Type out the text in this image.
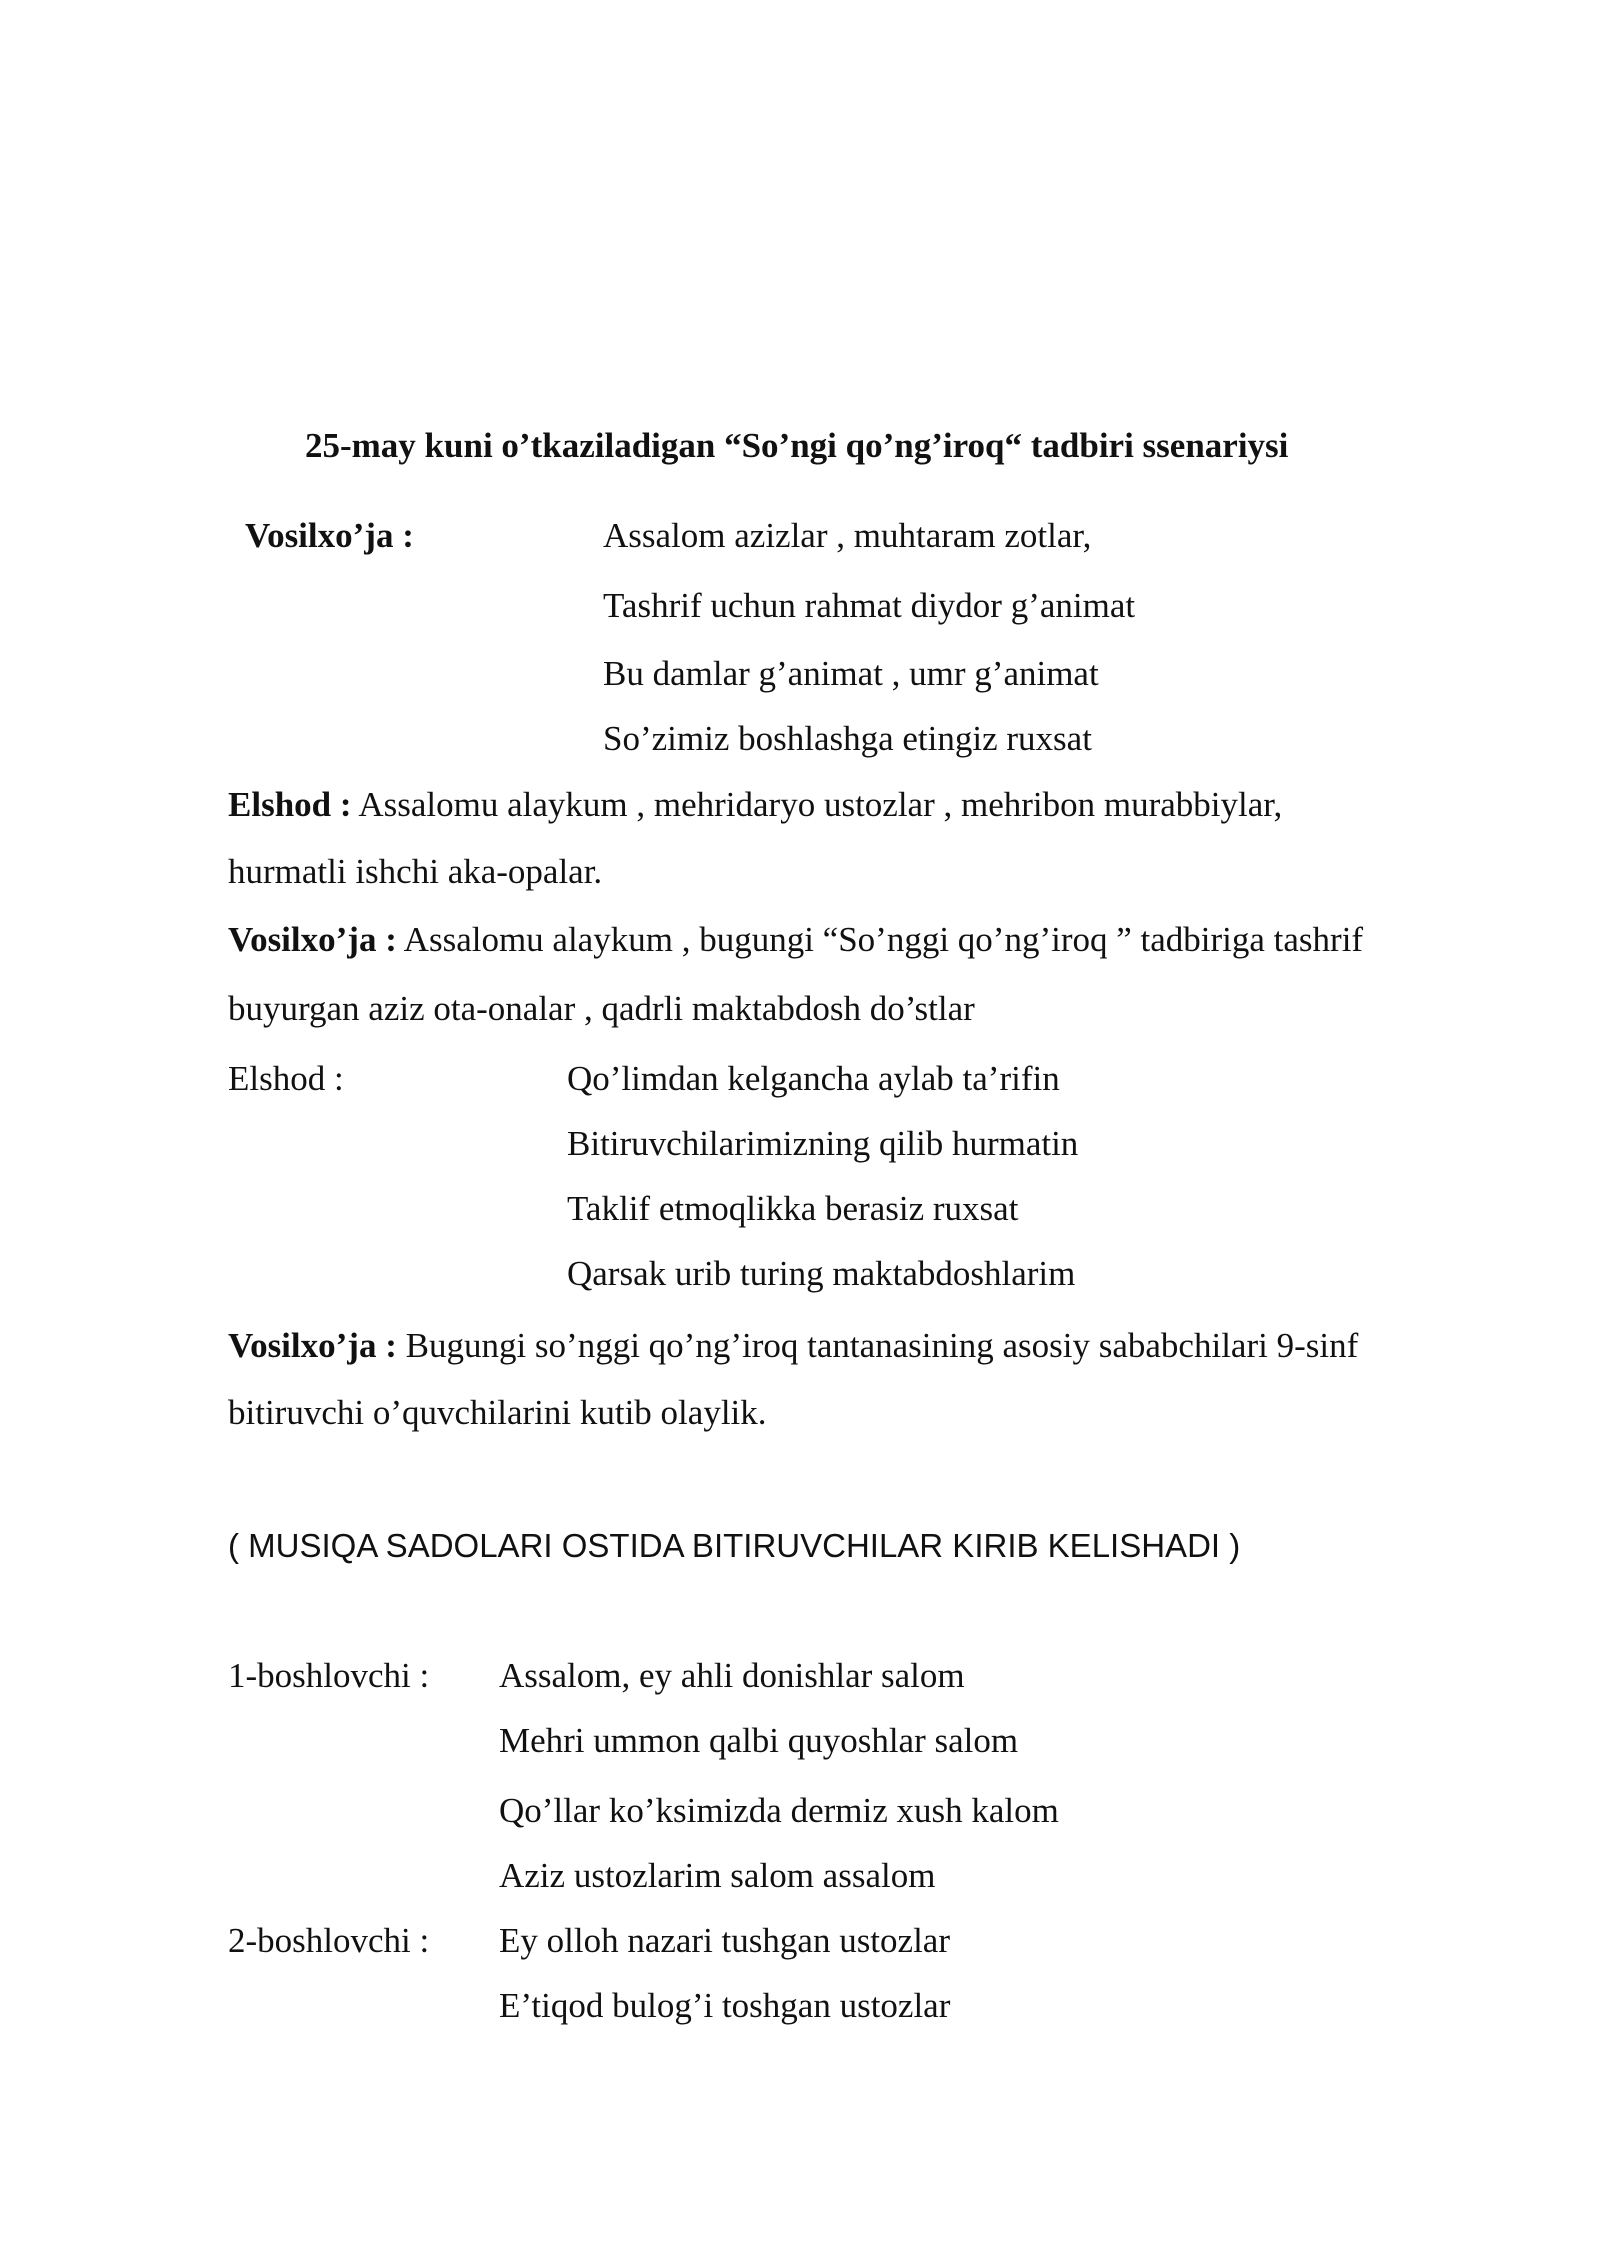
25-may kuni o’tkaziladigan “So’ngi qo’ng’iroq“ tadbiri ssenariysi
Vosilxo’ja :	Assalom azizlar , muhtaram zotlar,
Tashrif uchun rahmat diydor g’animat
Bu damlar g’animat , umr g’animat
So’zimiz boshlashga etingiz ruxsat
Elshod : Assalomu alaykum , mehridaryo ustozlar , mehribon murabbiylar,
hurmatli ishchi aka-opalar.
Vosilxo’ja : Assalomu alaykum , bugungi “So’nggi qo’ng’iroq ” tadbiriga tashrif
buyurgan aziz ota-onalar , qadrli maktabdosh do’stlar
Elshod :	Qo’limdan kelgancha aylab ta’rifin
Bitiruvchilarimizning qilib hurmatin
Taklif etmoqlikka berasiz ruxsat
Qarsak urib turing maktabdoshlarim
Vosilxo’ja : Bugungi so’nggi qo’ng’iroq tantanasining asosiy sababchilari 9-sinf
bitiruvchi o’quvchilarini kutib olaylik.
( MUSIQA SADOLARI OSTIDA BITIRUVCHILAR KIRIB KELISHADI )
1-boshlovchi : Assalom, ey ahli donishlar salom
Mehri ummon qalbi quyoshlar salom
Qo’llar ko’ksimizda dermiz xush kalom
Aziz ustozlarim salom assalom
2-boshlovchi : Ey olloh nazari tushgan ustozlar
E’tiqod bulog’i toshgan ustozlar
